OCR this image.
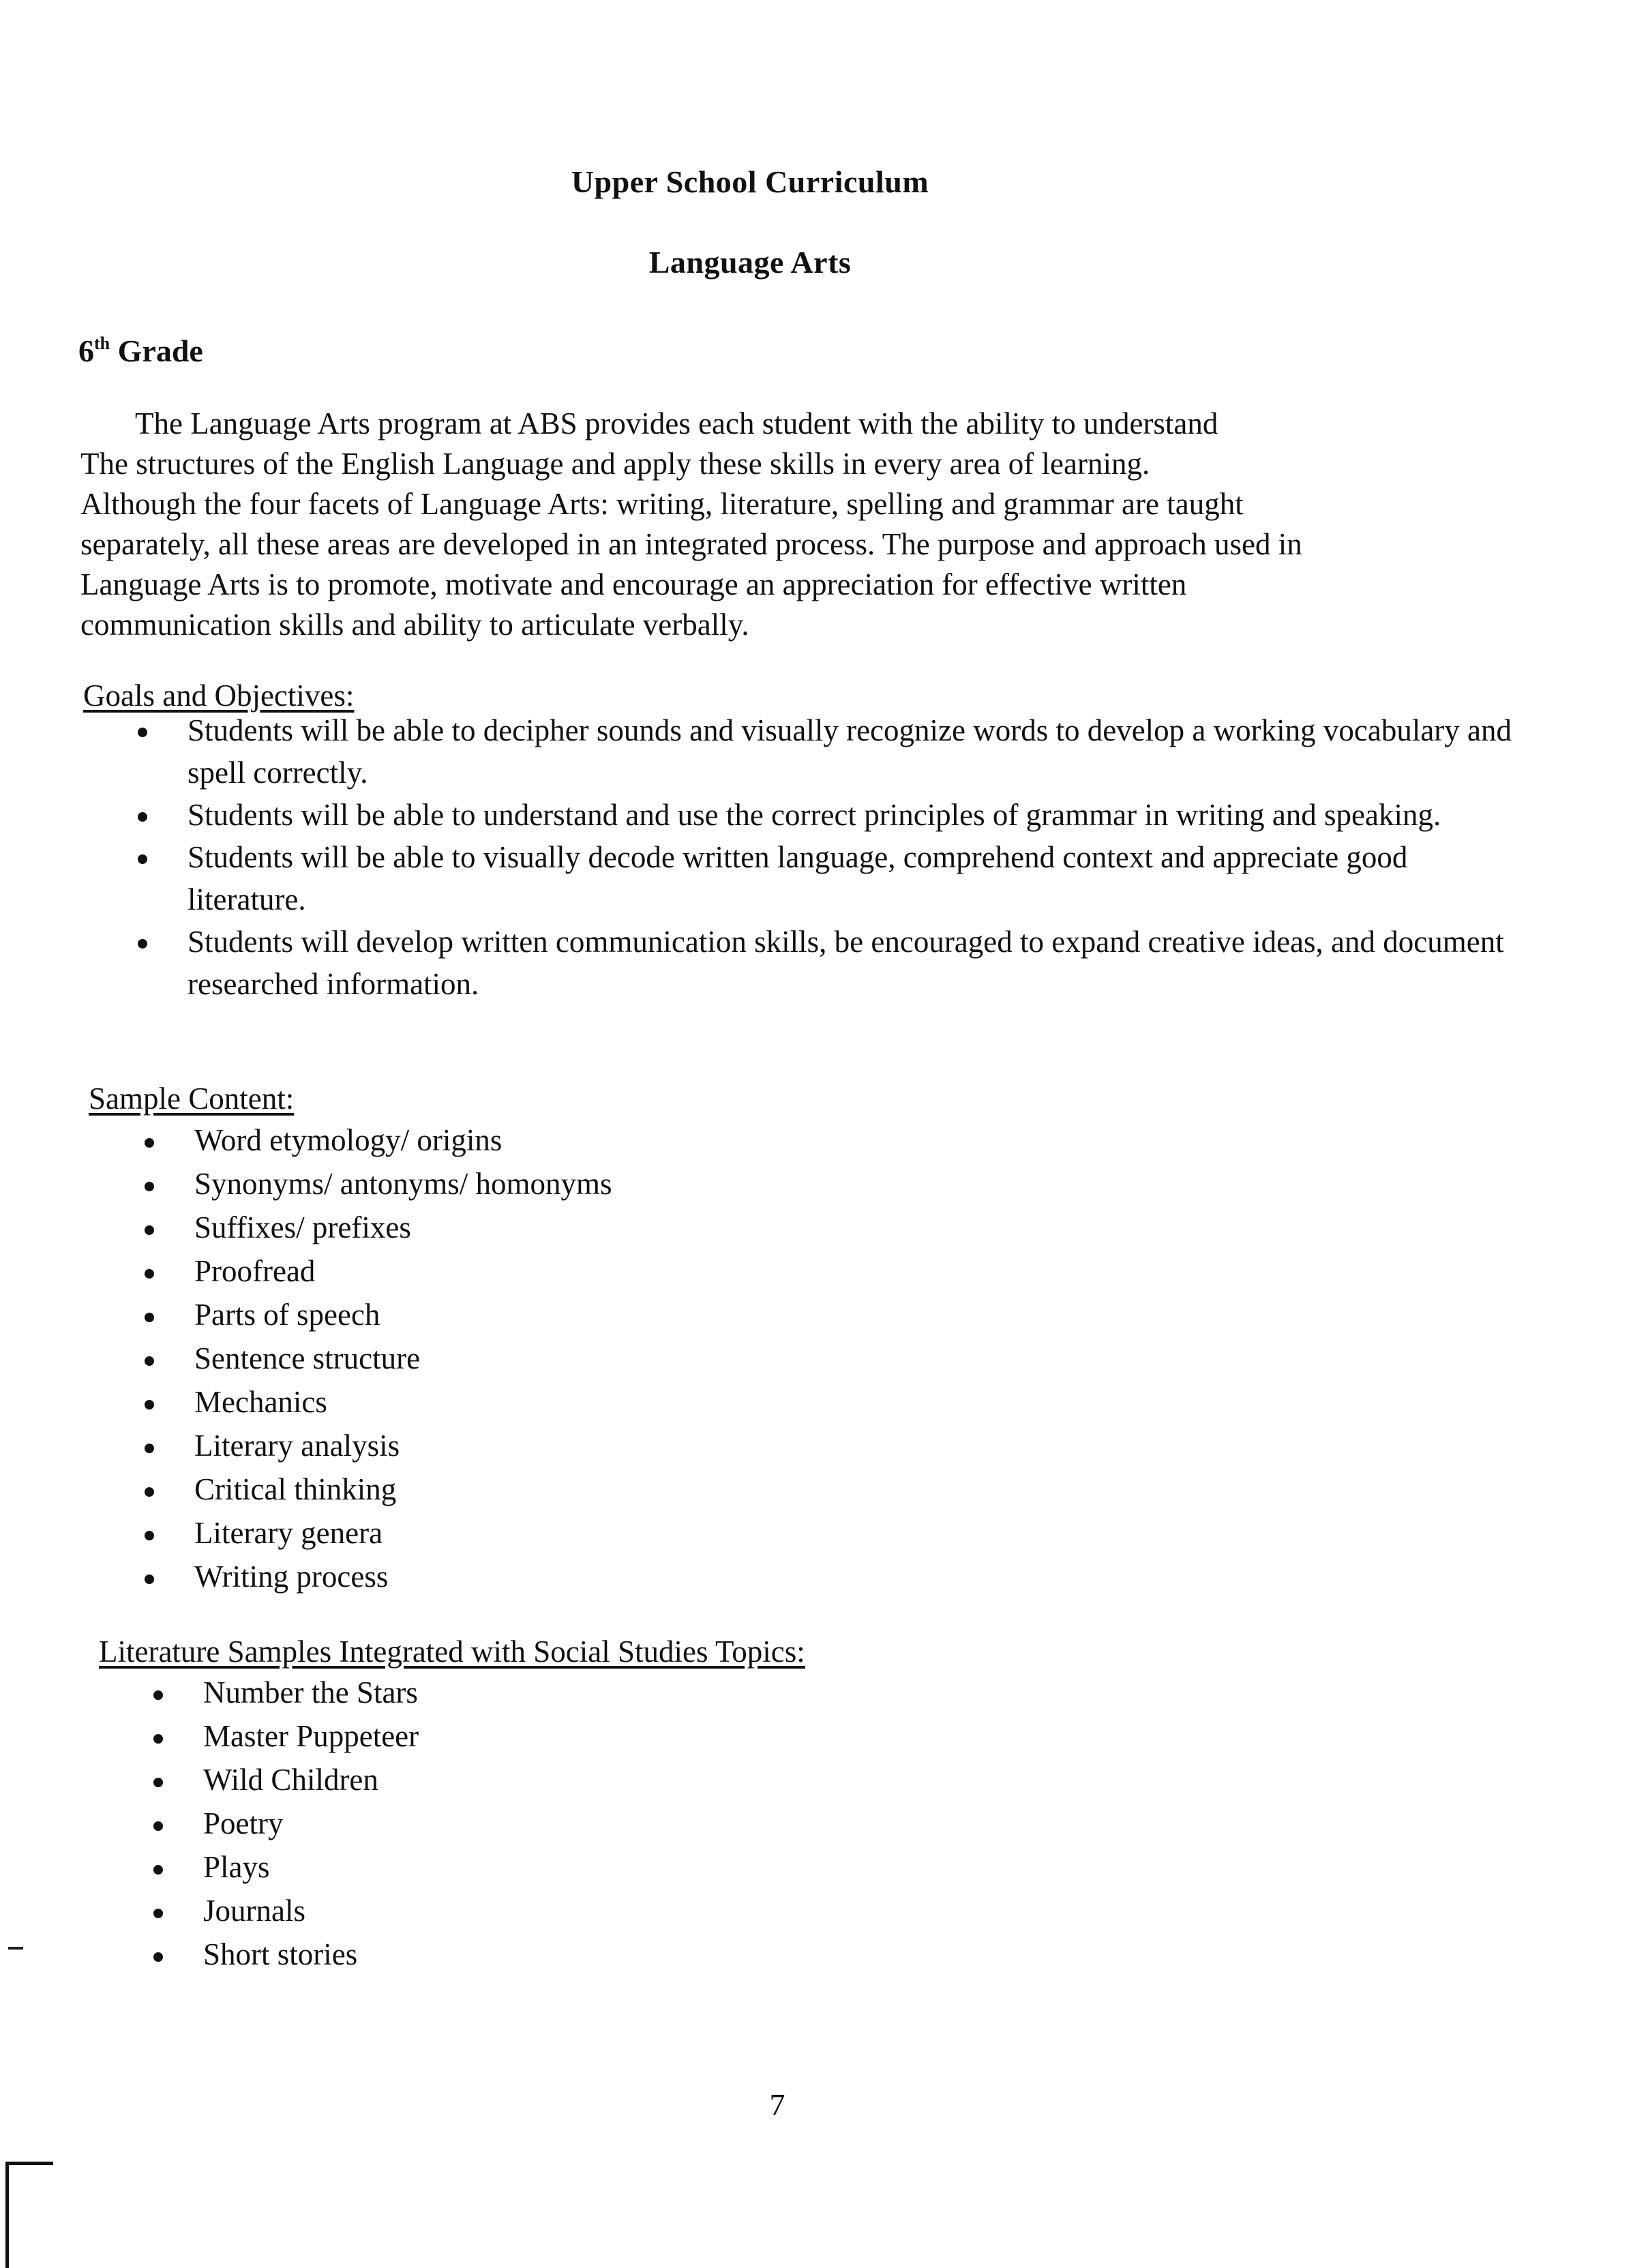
Upper School Curriculum
Language Arts
6th Grade
The Language Arts program at ABS provides each student with the ability to understand
The structures of the English Language and apply these skills in every area of learning.
Although the four facets of Language Arts: writing, literature, spelling and grammar are taught
separately, all these areas are developed in an integrated process. The purpose and approach used in
Language Arts is to promote, motivate and encourage an appreciation for effective written
communication skills and ability to articulate verbally.
Goals and Objectives:
Students will be able to decipher sounds and visually recognize words to develop a working vocabulary and spell correctly.
Students will be able to understand and use the correct principles of grammar in writing and speaking.
Students will be able to visually decode written language, comprehend context and appreciate good literature.
Students will develop written communication skills, be encouraged to expand creative ideas, and document researched information.
Sample Content:
Word etymology/ origins
Synonyms/ antonyms/ homonyms
Suffixes/ prefixes
Proofread
Parts of speech
Sentence structure
Mechanics
Literary analysis
Critical thinking
Literary genera
Writing process
Literature Samples Integrated with Social Studies Topics:
Number the Stars
Master Puppeteer
Wild Children
Poetry
Plays
Journals
Short stories
7
